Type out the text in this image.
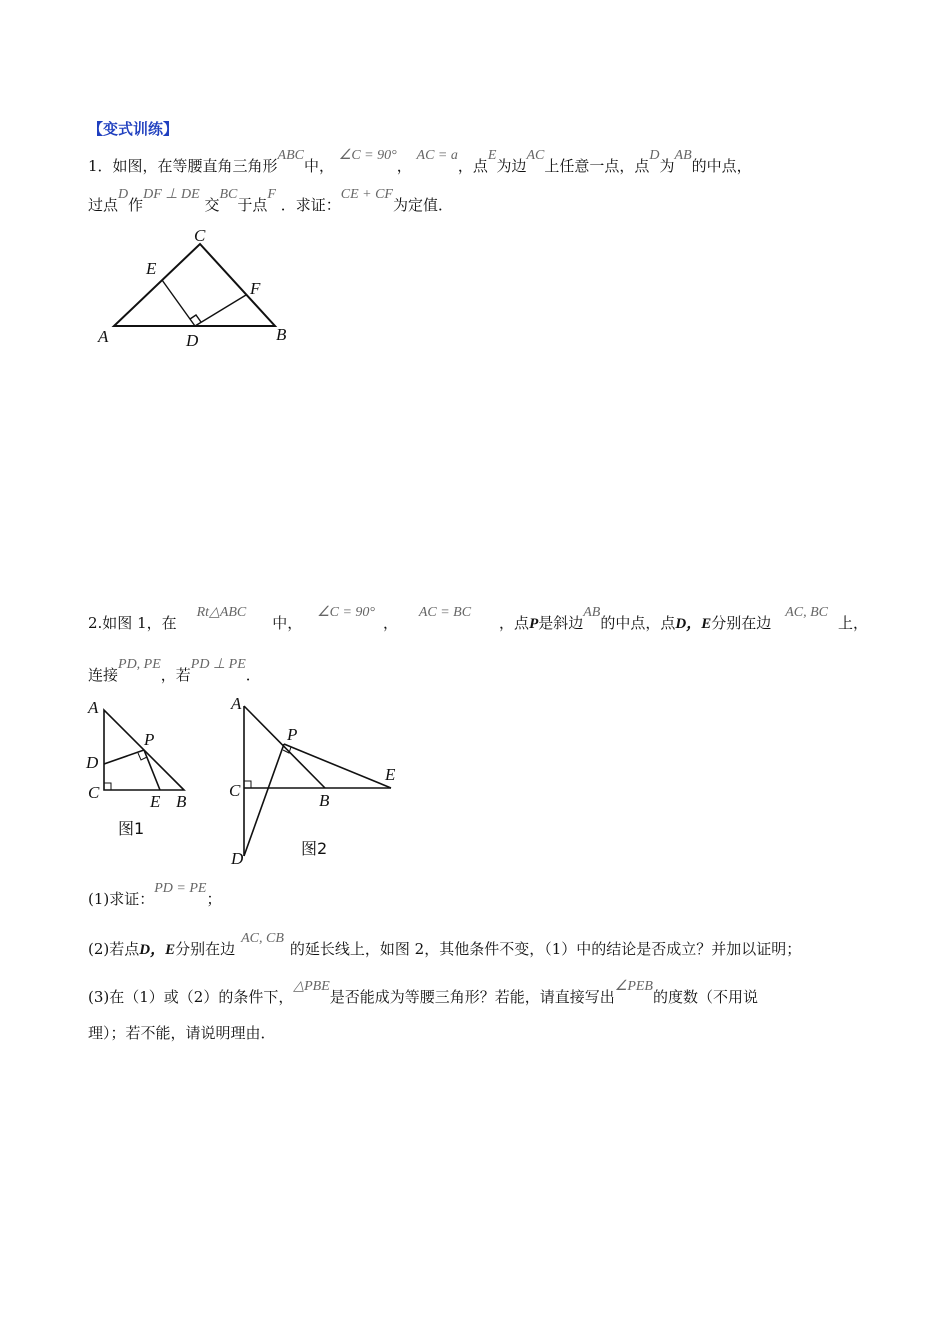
【变式训练】
1．如图，在等腰直角三角形ABC中， ∠C = 90°， AC = a，点E为边AC上任意一点，点D为AB的中点，
过点D作DF ⊥ DE 交BC于点F ．求证：CE + CF为定值．
C
E
F
A	D	B
2.如图 1，在Rt△ABC中， ∠C = 90°， AC = BC，点P是斜边AB的中点，点D，E分别在边AC, BC上，
连接PD, PE，若PD ⊥ PE．
A
P
D
C	E B
图1
A
P
E
C
B
D
图2
(1)求证：PD = PE；
(2)若点D，E分别在边AC, CB的延长线上，如图 2，其他条件不变，（1）中的结论是否成立？并加以证明；
(3)在（1）或（2）的条件下，△PBE是否能成为等腰三角形？若能，请直接写出∠PEB的度数（不用说
理）；若不能，请说明理由．
